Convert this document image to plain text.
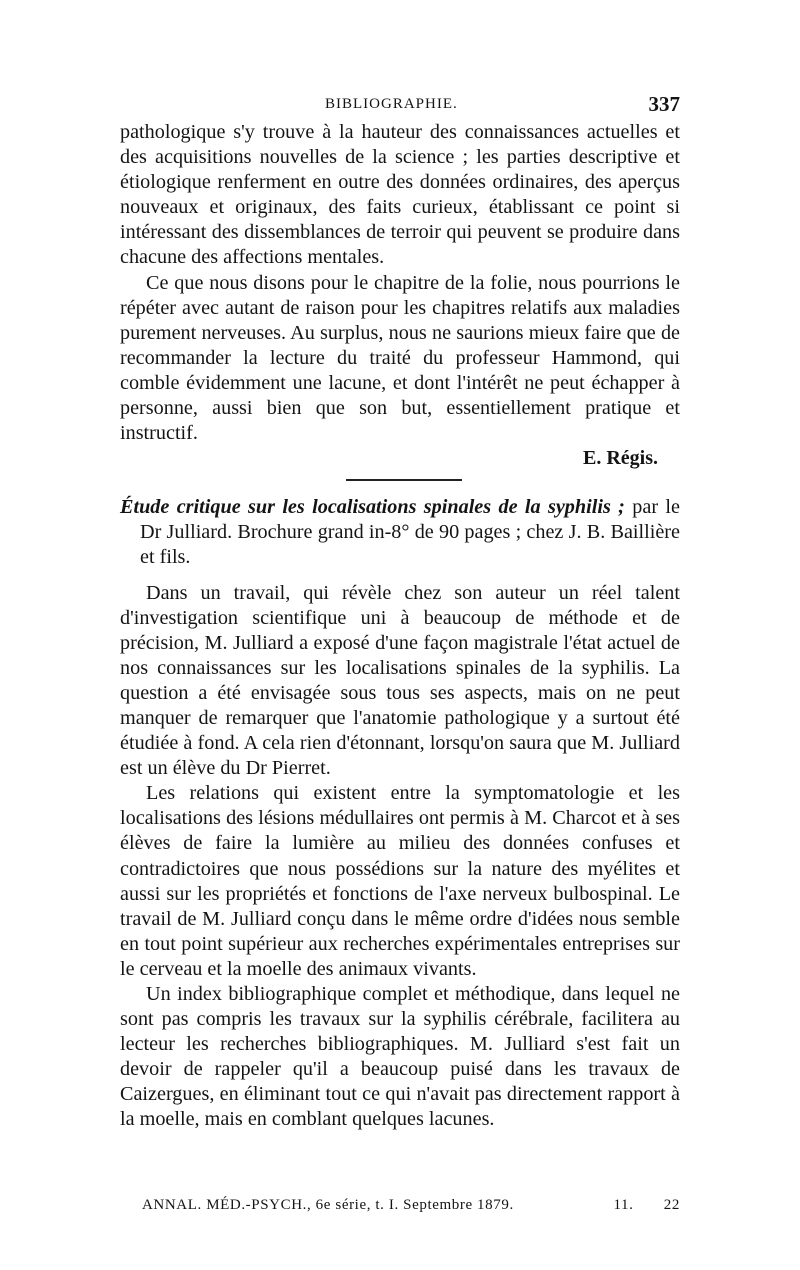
BIBLIOGRAPHIE.	337

pathologique s'y trouve à la hauteur des connaissances actuelles et des acquisitions nouvelles de la science ; les parties descriptive et étiologique renferment en outre des données ordinaires, des aperçus nouveaux et originaux, des faits curieux, établissant ce point si intéressant des dissemblances de terroir qui peuvent se produire dans chacune des affections mentales.

Ce que nous disons pour le chapitre de la folie, nous pourrions le répéter avec autant de raison pour les chapitres relatifs aux maladies purement nerveuses. Au surplus, nous ne saurions mieux faire que de recommander la lecture du traité du professeur Hammond, qui comble évidemment une lacune, et dont l'intérêt ne peut échapper à personne, aussi bien que son but, essentiellement pratique et instructif.

E. Régis.
Étude critique sur les localisations spinales de la syphilis ; par le Dr Julliard. Brochure grand in-8° de 90 pages ; chez J. B. Baillière et fils.

Dans un travail, qui révèle chez son auteur un réel talent d'investigation scientifique uni à beaucoup de méthode et de précision, M. Julliard a exposé d'une façon magistrale l'état actuel de nos connaissances sur les localisations spinales de la syphilis. La question a été envisagée sous tous ses aspects, mais on ne peut manquer de remarquer que l'anatomie pathologique y a surtout été étudiée à fond. A cela rien d'étonnant, lorsqu'on saura que M. Julliard est un élève du Dr Pierret.

Les relations qui existent entre la symptomatologie et les localisations des lésions médullaires ont permis à M. Charcot et à ses élèves de faire la lumière au milieu des données confuses et contradictoires que nous possédions sur la nature des myélites et aussi sur les propriétés et fonctions de l'axe nerveux bulbospinal. Le travail de M. Julliard conçu dans le même ordre d'idées nous semble en tout point supérieur aux recherches expérimentales entreprises sur le cerveau et la moelle des animaux vivants.

Un index bibliographique complet et méthodique, dans lequel ne sont pas compris les travaux sur la syphilis cérébrale, facilitera au lecteur les recherches bibliographiques. M. Julliard s'est fait un devoir de rappeler qu'il a beaucoup puisé dans les travaux de Caizergues, en éliminant tout ce qui n'avait pas directement rapport à la moelle, mais en comblant quelques lacunes.

ANNAL. MÉD.-PSYCH., 6e série, t. I. Septembre 1879.	11. 22
